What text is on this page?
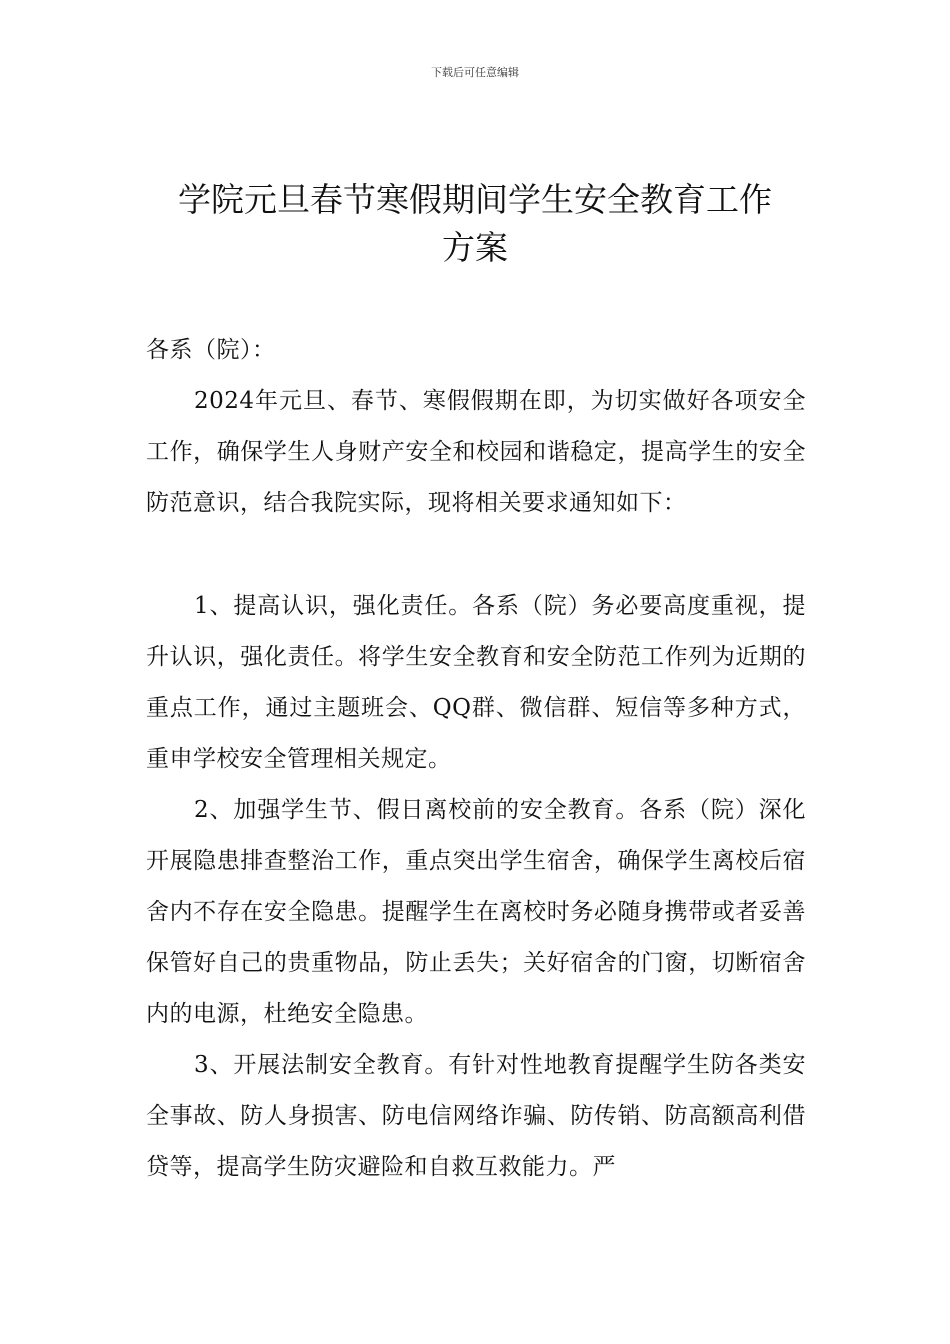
下载后可任意编辑
学院元旦春节寒假期间学生安全教育工作
方案

各系（院）：

2024年元旦、春节、寒假假期在即，为切实做好各项安全工作，确保学生人身财产安全和校园和谐稳定，提高学生的安全防范意识，结合我院实际，现将相关要求通知如下：

1、提高认识，强化责任。各系（院）务必要高度重视，提升认识，强化责任。将学生安全教育和安全防范工作列为近期的重点工作，通过主题班会、QQ群、微信群、短信等多种方式，重申学校安全管理相关规定。

2、加强学生节、假日离校前的安全教育。各系（院）深化开展隐患排查整治工作，重点突出学生宿舍，确保学生离校后宿舍内不存在安全隐患。提醒学生在离校时务必随身携带或者妥善保管好自己的贵重物品，防止丢失；关好宿舍的门窗，切断宿舍内的电源，杜绝安全隐患。

3、开展法制安全教育。有针对性地教育提醒学生防各类安全事故、防人身损害、防电信网络诈骗、防传销、防高额高利借贷等，提高学生防灾避险和自救互救能力。严
